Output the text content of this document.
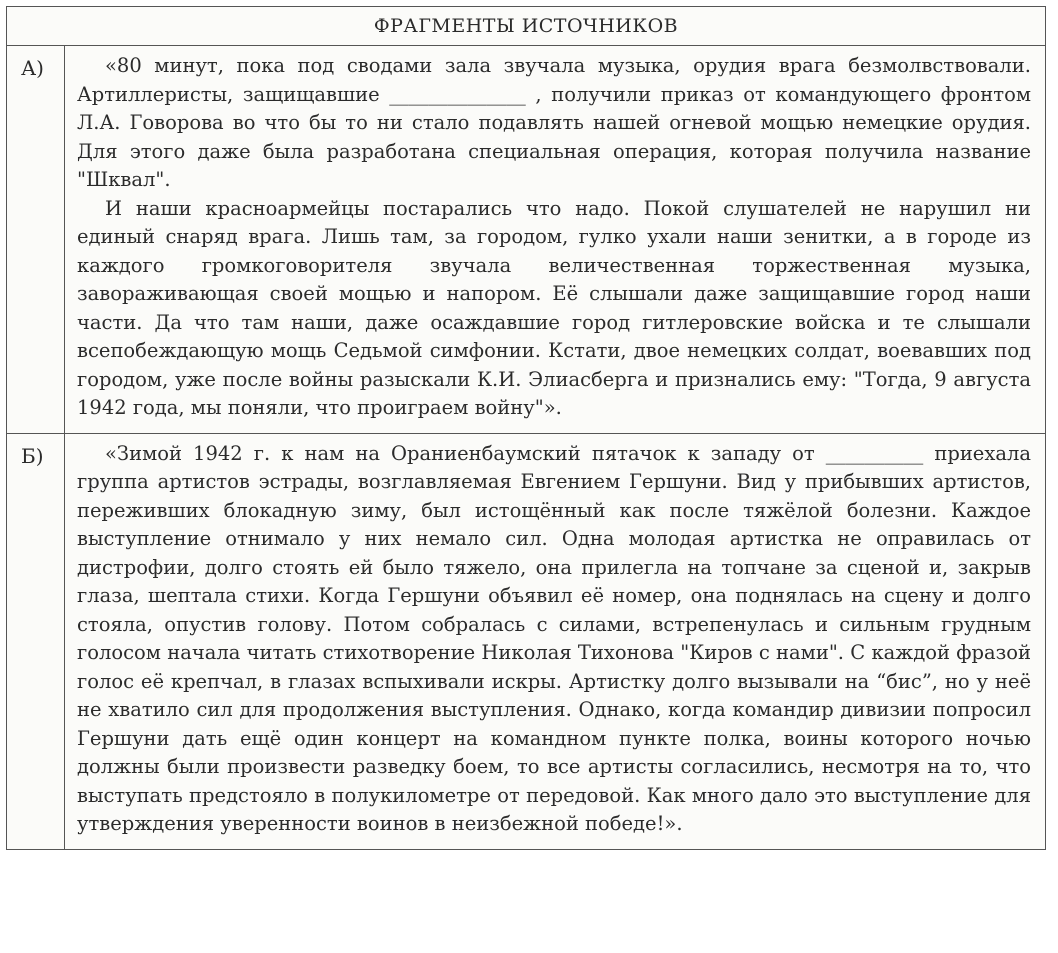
ФРАГМЕНТЫ ИСТОЧНИКОВ
А)	«80 минут, пока под сводами зала звучала музыка, орудия врага безмолвствовали. Артиллеристы, защищавшие ______________ , получили приказ от командующего фронтом Л.А. Говорова во что бы то ни стало подавлять нашей огневой мощью немецкие орудия. Для этого даже была разработана специальная операция, которая получила название "Шквал".

И наши красноармейцы постарались что надо. Покой слушателей не нарушил ни единый снаряд врага. Лишь там, за городом, гулко ухали наши зенитки, а в городе из каждого громкоговорителя звучала величественная торжественная музыка, завораживающая своей мощью и напором. Её слышали даже защищавшие город наши части. Да что там наши, даже осаждавшие город гитлеровские войска и те слышали всепобеждающую мощь Седьмой симфонии. Кстати, двое немецких солдат, воевавших под городом, уже после войны разыскали К.И. Элиасберга и признались ему: "Тогда, 9 августа 1942 года, мы поняли, что проиграем войну"».

Б)	«Зимой 1942 г. к нам на Ораниенбаумский пятачок к западу от __________ приехала группа артистов эстрады, возглавляемая Евгением Гершуни. Вид у прибывших артистов, переживших блокадную зиму, был истощённый как после тяжёлой болезни. Каждое выступление отнимало у них немало сил. Одна молодая артистка не оправилась от дистрофии, долго стоять ей было тяжело, она прилегла на топчане за сценой и, закрыв глаза, шептала стихи. Когда Гершуни объявил её номер, она поднялась на сцену и долго стояла, опустив голову. Потом собралась с силами, встрепенулась и сильным грудным голосом начала читать стихотворение Николая Тихонова "Киров с нами". С каждой фразой голос её крепчал, в глазах вспыхивали искры. Артистку долго вызывали на “бис”, но у неё не хватило сил для продолжения выступления. Однако, когда командир дивизии попросил Гершуни дать ещё один концерт на командном пункте полка, воины которого ночью должны были произвести разведку боем, то все артисты согласились, несмотря на то, что выступать предстояло в полукилометре от передовой. Как много дало это выступление для утверждения уверенности воинов в неизбежной победе!».
